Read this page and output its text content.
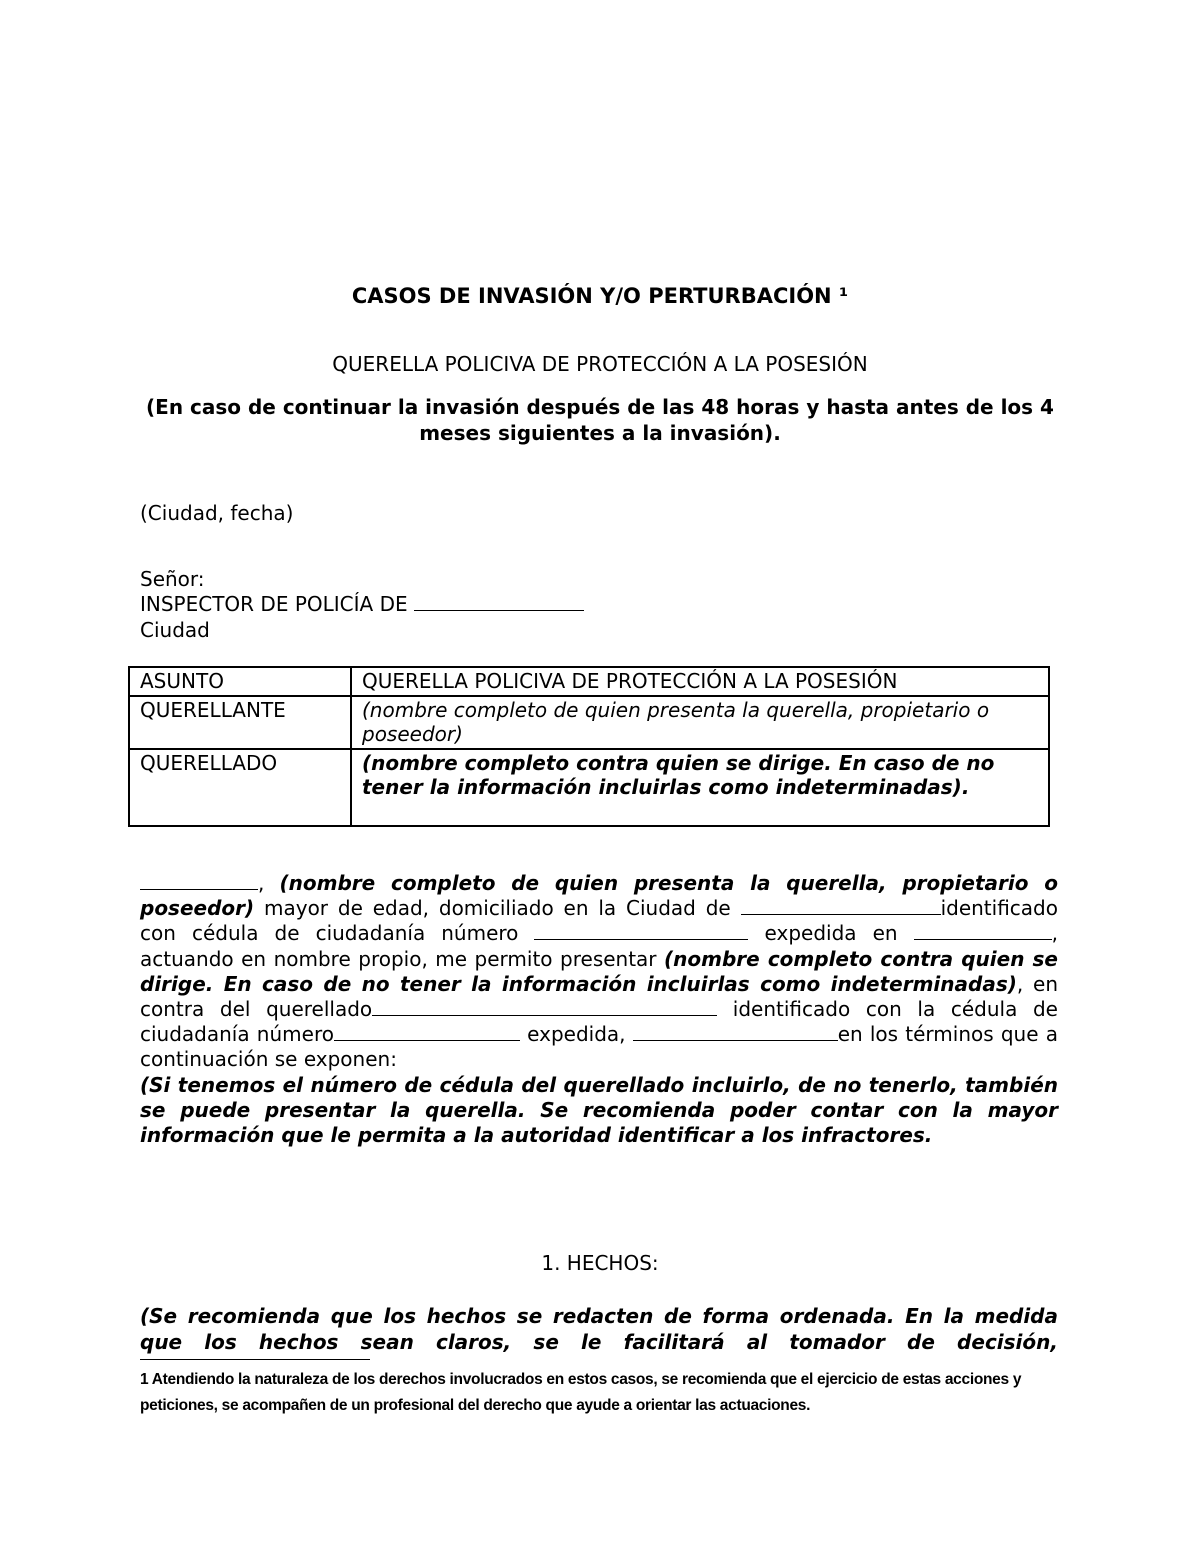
CASOS DE INVASIÓN Y/O PERTURBACIÓN ¹
QUERELLA POLICIVA DE PROTECCIÓN A LA POSESIÓN
(En caso de continuar la invasión después de las 48 horas y hasta antes de los 4 meses siguientes a la invasión).
(Ciudad, fecha)
Señor:
INSPECTOR DE POLICÍA DE
Ciudad
ASUNTO	QUERELLA POLICIVA DE PROTECCIÓN A LA POSESIÓN
QUERELLANTE	(nombre completo de quien presenta la querella, propietario o poseedor)
QUERELLADO	(nombre completo contra quien se dirige. En caso de no tener la información incluirlas como indeterminadas).
, (nombre completo de quien presenta la querella, propietario o poseedor) mayor de edad, domiciliado en la Ciudad de	identificado con cédula de ciudadanía número	expedida en	, actuando en nombre propio, me permito presentar (nombre completo contra quien se dirige. En caso de no tener la información incluirlas como indeterminadas), en contra del querellado	identificado con la cédula de ciudadanía número	expedida,	en los términos que a continuación se exponen:
(Si tenemos el número de cédula del querellado incluirlo, de no tenerlo, también se puede presentar la querella. Se recomienda poder contar con la mayor información que le permita a la autoridad identificar a los infractores.
1. HECHOS:
(Se recomienda que los hechos se redacten de forma ordenada. En la medida que los hechos sean claros, se le facilitará al tomador de decisión,
1 Atendiendo la naturaleza de los derechos involucrados en estos casos, se recomienda que el ejercicio de estas acciones y peticiones, se acompañen de un profesional del derecho que ayude a orientar las actuaciones.
